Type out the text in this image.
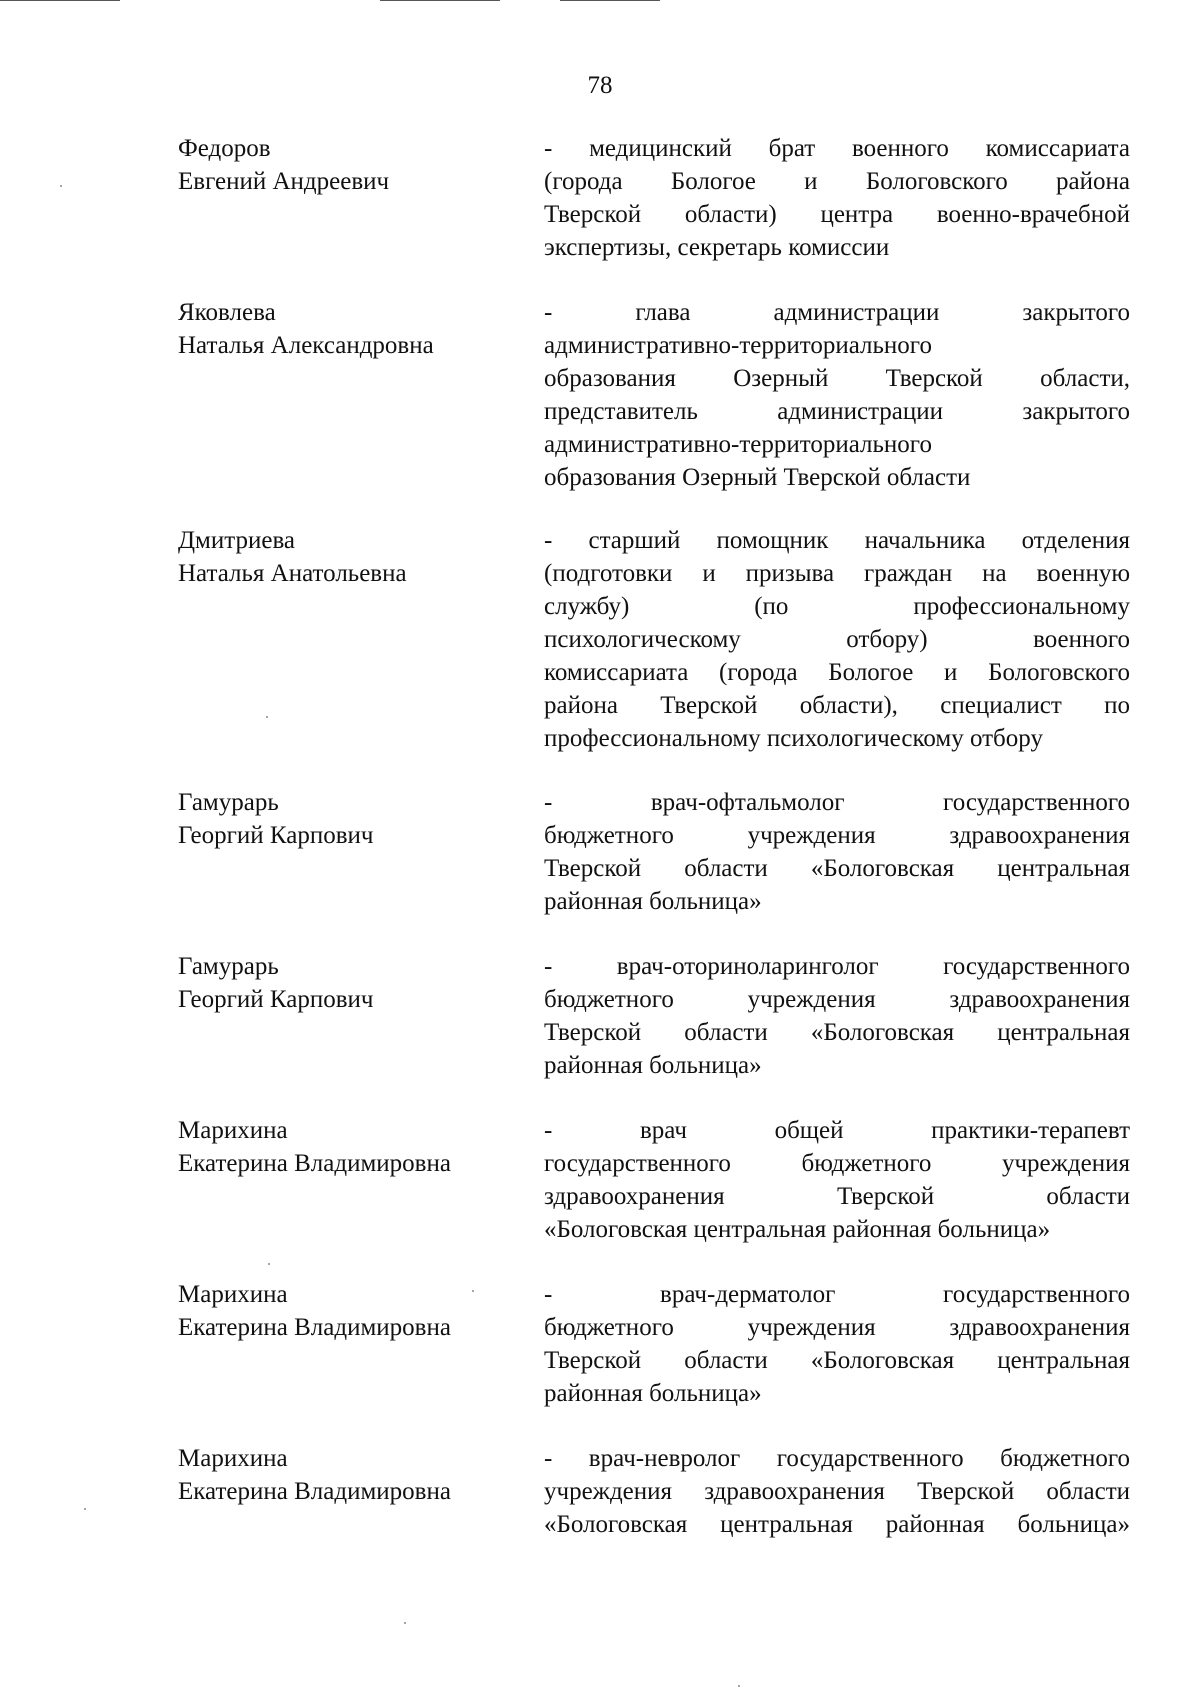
78
Федоров
Евгений Андреевич
- медицинский брат военного комиссариата
(города Бологое и Бологовского района
Тверской области) центра военно-врачебной
экспертизы, секретарь комиссии
Яковлева
Наталья Александровна
- глава администрации закрытого
административно-территориального
образования Озерный Тверской области,
представитель администрации закрытого
административно-территориального
образования Озерный Тверской области
Дмитриева
Наталья Анатольевна
- старший помощник начальника отделения
(подготовки и призыва граждан на военную
службу) (по профессиональному
психологическому отбору) военного
комиссариата (города Бологое и Бологовского
района Тверской области), специалист по
профессиональному психологическому отбору
Гамурарь
Георгий Карпович
- врач-офтальмолог государственного
бюджетного учреждения здравоохранения
Тверской области «Бологовская центральная
районная больница»
Гамурарь
Георгий Карпович
- врач-оториноларинголог государственного
бюджетного учреждения здравоохранения
Тверской области «Бологовская центральная
районная больница»
Марихина
Екатерина Владимировна
- врач общей практики-терапевт
государственного бюджетного учреждения
здравоохранения Тверской области
«Бологовская центральная районная больница»
Марихина
Екатерина Владимировна
- врач-дерматолог государственного
бюджетного учреждения здравоохранения
Тверской области «Бологовская центральная
районная больница»
Марихина
Екатерина Владимировна
- врач-невролог государственного бюджетного
учреждения здравоохранения Тверской области
«Бологовская центральная районная больница»
